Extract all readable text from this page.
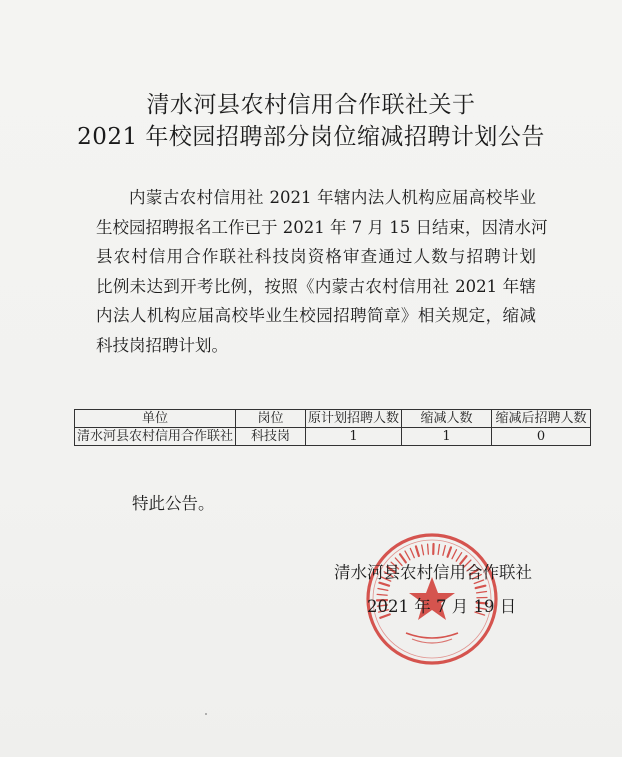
清水河县农村信用合作联社关于
2021 年校园招聘部分岗位缩减招聘计划公告
内蒙古农村信用社 2021 年辖内法人机构应届高校毕业
生校园招聘报名工作已于 2021 年 7 月 15 日结束，因清水河
县农村信用合作联社科技岗资格审查通过人数与招聘计划
比例未达到开考比例，按照《内蒙古农村信用社 2021 年辖
内法人机构应届高校毕业生校园招聘简章》相关规定，缩减
科技岗招聘计划。
单位	岗位	原计划招聘人数	缩减人数	缩减后招聘人数
清水河县农村信用合作联社	科技岗	1	1	0
特此公告。
清水河县农村信用合作联社
2021 年 7 月 19 日
